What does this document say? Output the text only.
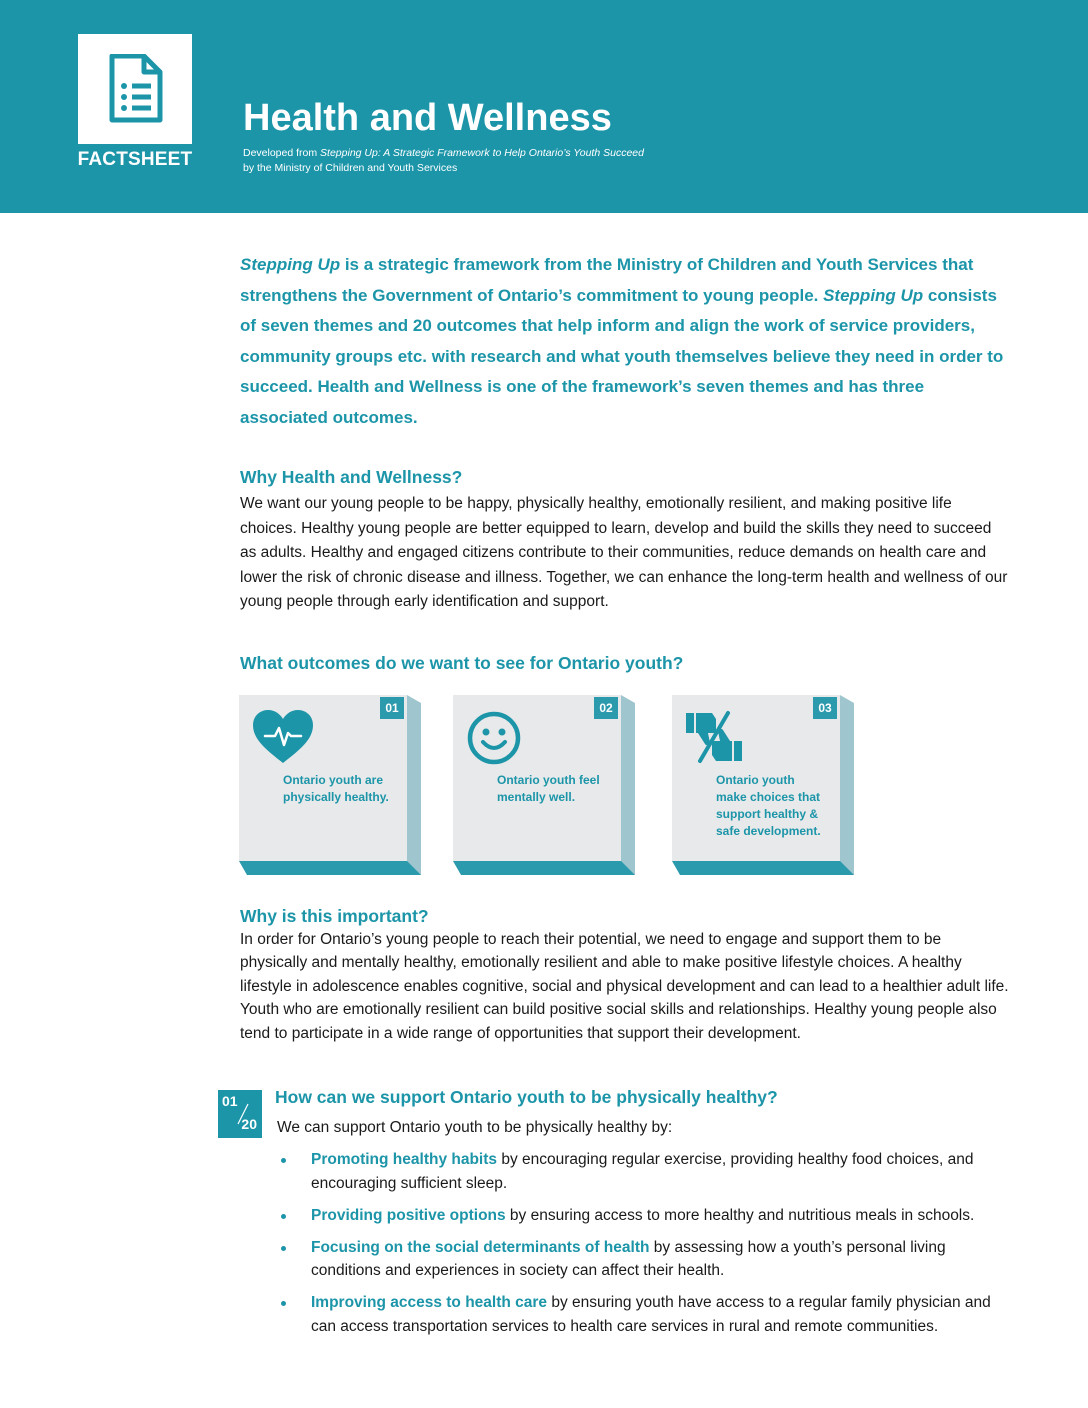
FACTSHEET
Health and Wellness
Developed from Stepping Up: A Strategic Framework to Help Ontario’s Youth Succeed
by the Ministry of Children and Youth Services

Stepping Up is a strategic framework from the Ministry of Children and Youth Services that strengthens the Government of Ontario’s commitment to young people. Stepping Up consists of seven themes and 20 outcomes that help inform and align the work of service providers, community groups etc. with research and what youth themselves believe they need in order to succeed. Health and Wellness is one of the framework’s seven themes and has three associated outcomes.

Why Health and Wellness?

We want our young people to be happy, physically healthy, emotionally resilient, and making positive life choices. Healthy young people are better equipped to learn, develop and build the skills they need to succeed as adults. Healthy and engaged citizens contribute to their communities, reduce demands on health care and lower the risk of chronic disease and illness. Together, we can enhance the long-term health and wellness of our young people through early identification and support.

What outcomes do we want to see for Ontario youth?
01

Ontario youth are physically healthy.

02

Ontario youth feel mentally well.

03

Ontario youth make choices that support healthy & safe development.

Why is this important?

In order for Ontario’s young people to reach their potential, we need to engage and support them to be physically and mentally healthy, emotionally resilient and able to make positive lifestyle choices. A healthy lifestyle in adolescence enables cognitive, social and physical development and can lead to a healthier adult life. Youth who are emotionally resilient can build positive social skills and relationships. Healthy young people also tend to participate in a wide range of opportunities that support their development.

01
20
How can we support Ontario youth to be physically healthy?

We can support Ontario youth to be physically healthy by:

Promoting healthy habits by encouraging regular exercise, providing healthy food choices, and encouraging sufficient sleep.
Providing positive options by ensuring access to more healthy and nutritious meals in schools.
Focusing on the social determinants of health by assessing how a youth’s personal living conditions and experiences in society can affect their health.
Improving access to health care by ensuring youth have access to a regular family physician and can access transportation services to health care services in rural and remote communities.
